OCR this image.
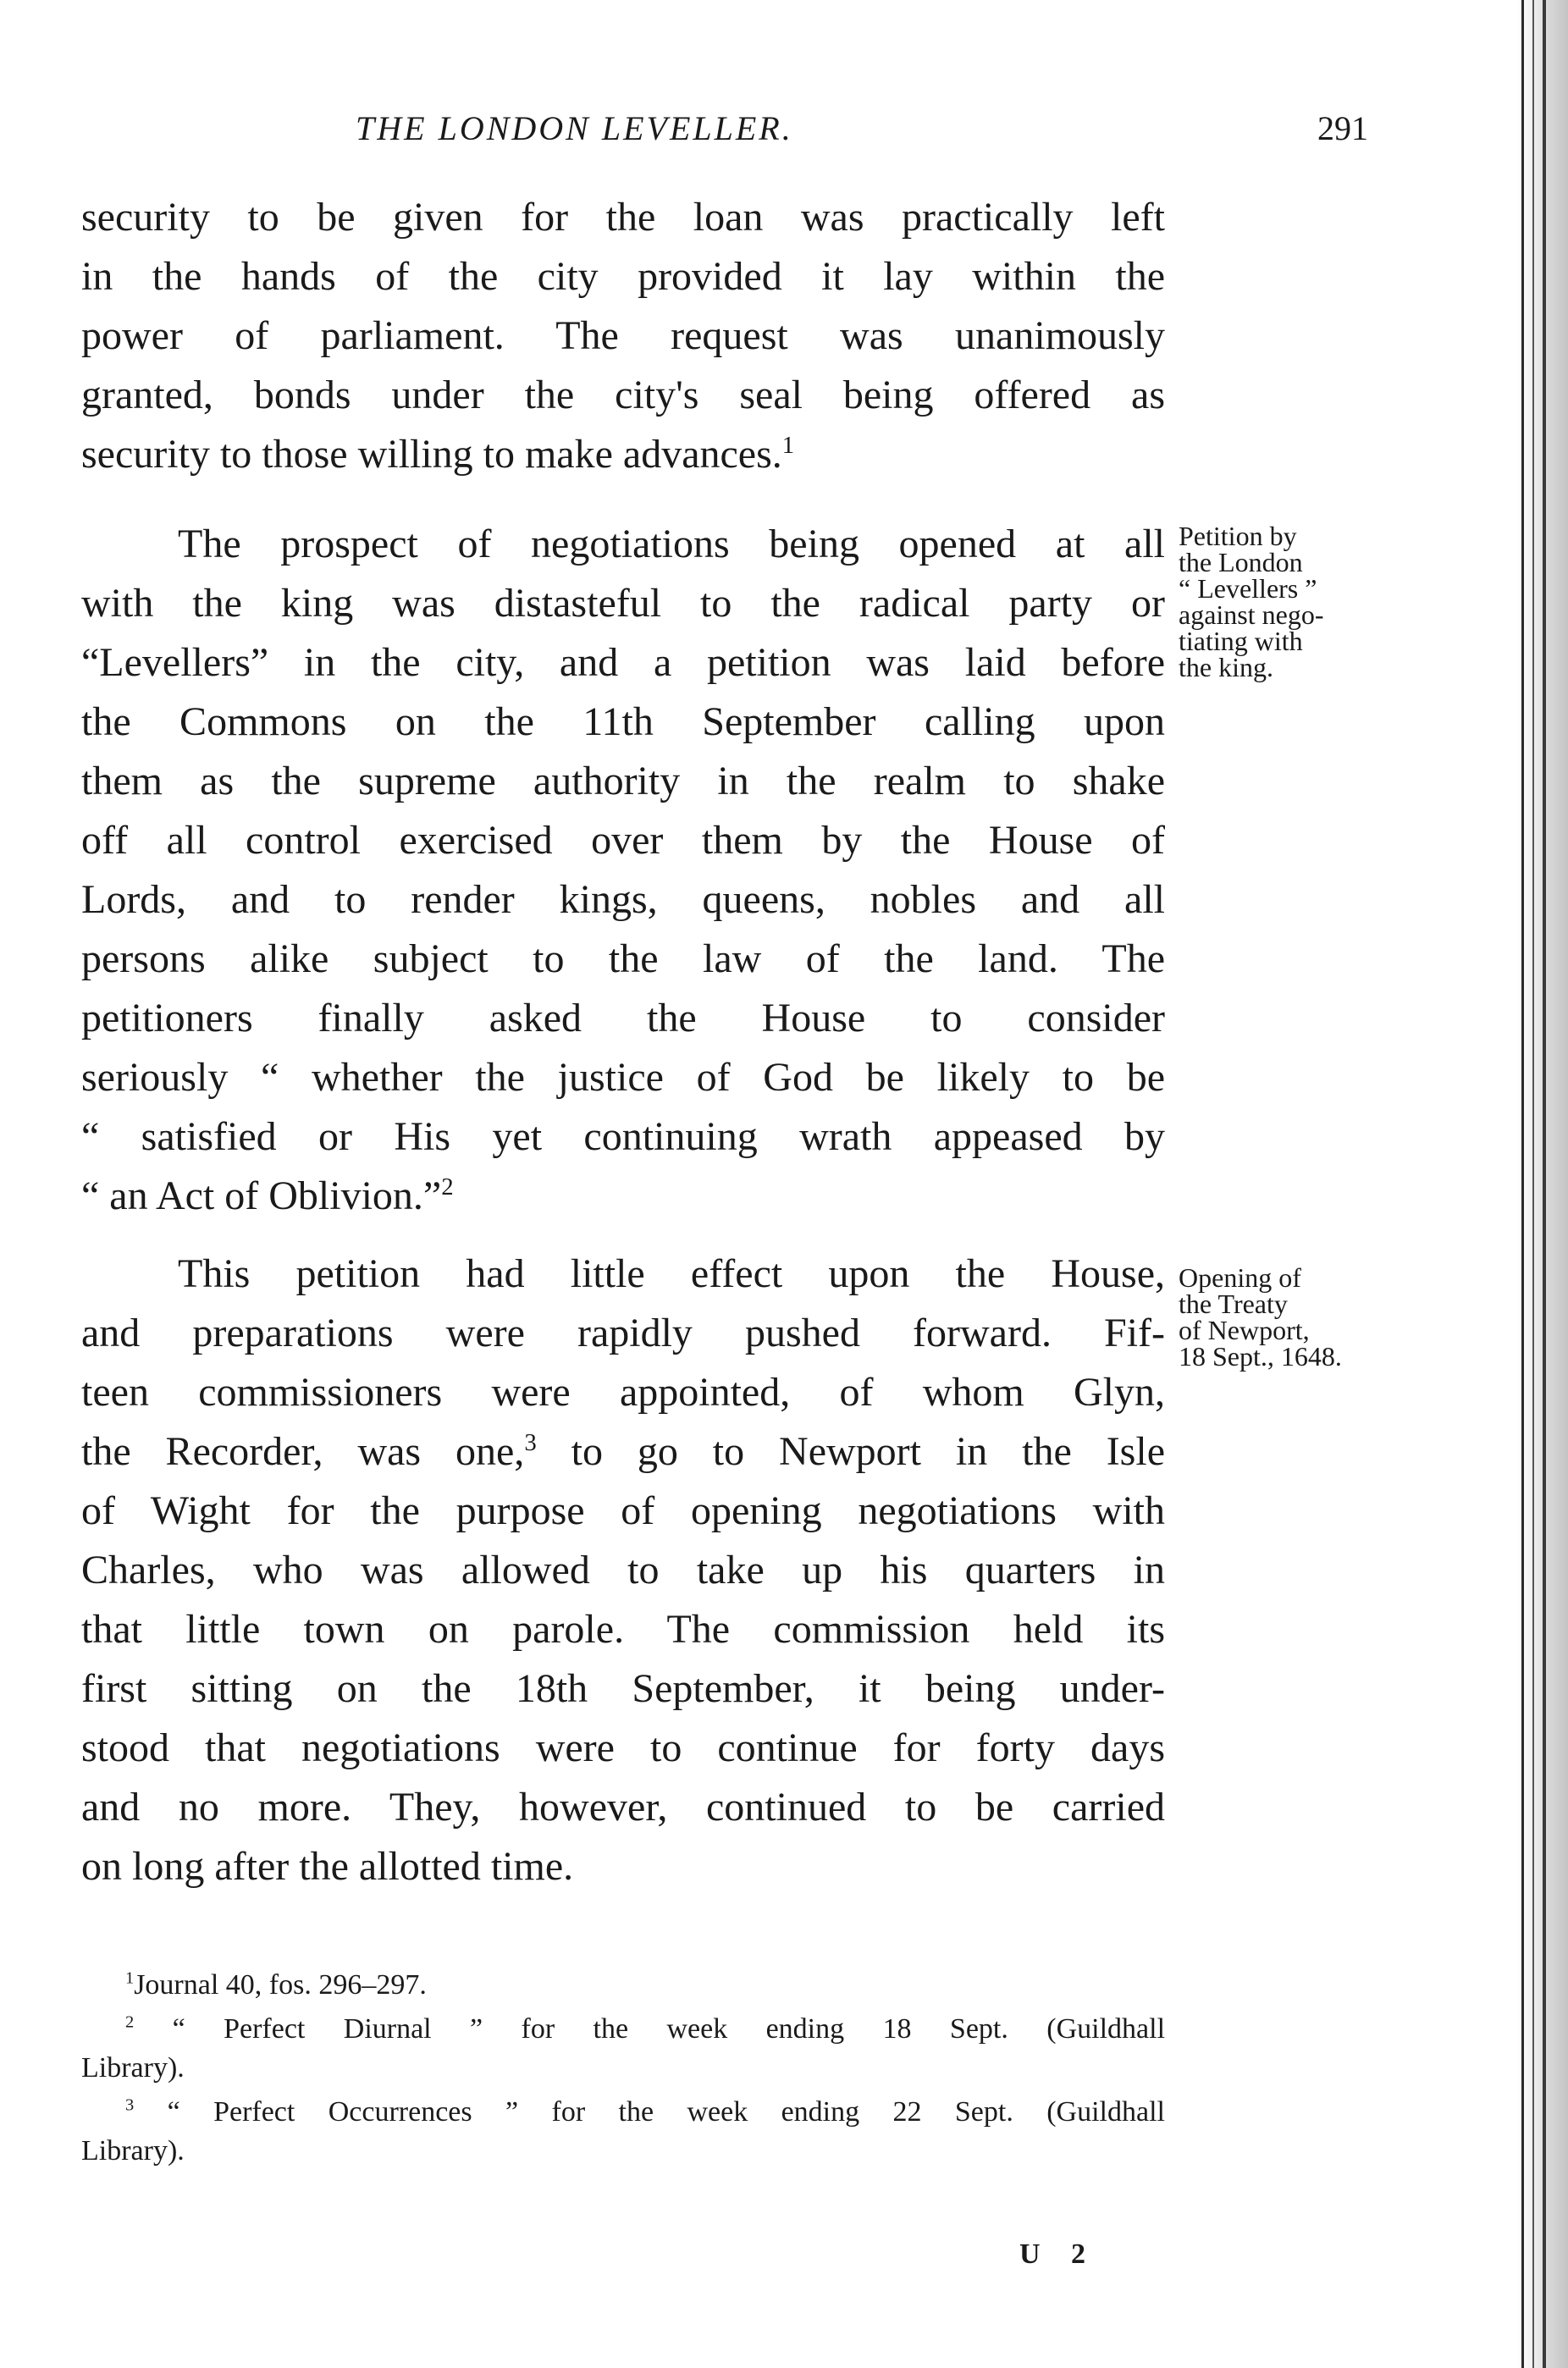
THE LONDON LEVELLER.	291
security to be given for the loan was practically left
in the hands of the city provided it lay within the
power of parliament. The request was unanimously
granted, bonds under the city's seal being offered as
security to those willing to make advances.$^1$
The prospect of negotiations being opened at all
with the king was distasteful to the radical party or
“Levellers” in the city, and a petition was laid before
the Commons on the 11th September calling upon
them as the supreme authority in the realm to shake
off all control exercised over them by the House of
Lords, and to render kings, queens, nobles and all
persons alike subject to the law of the land. The
petitioners finally asked the House to consider
seriously “ whether the justice of God be likely to be
“ satisfied or His yet continuing wrath appeased by
“ an Act of Oblivion.”$^2$
This petition had little effect upon the House,
and preparations were rapidly pushed forward. Fif-
teen commissioners were appointed, of whom Glyn,
the Recorder, was one,$^3$ to go to Newport in the Isle
of Wight for the purpose of opening negotiations with
Charles, who was allowed to take up his quarters in
that little town on parole. The commission held its
first sitting on the 18th September, it being under-
stood that negotiations were to continue for forty days
and no more. They, however, continued to be carried
on long after the allotted time.
Petition by
the London
“ Levellers ”
against nego-
tiating with
the king.
Opening of
the Treaty
of Newport,
18 Sept., 1648.
$^1$Journal 40, fos. 296–297.
$^2$ “ Perfect Diurnal ” for the week ending 18 Sept. (Guildhall
Library).
$^3$ “ Perfect Occurrences ” for the week ending 22 Sept. (Guildhall
Library).
U 2
